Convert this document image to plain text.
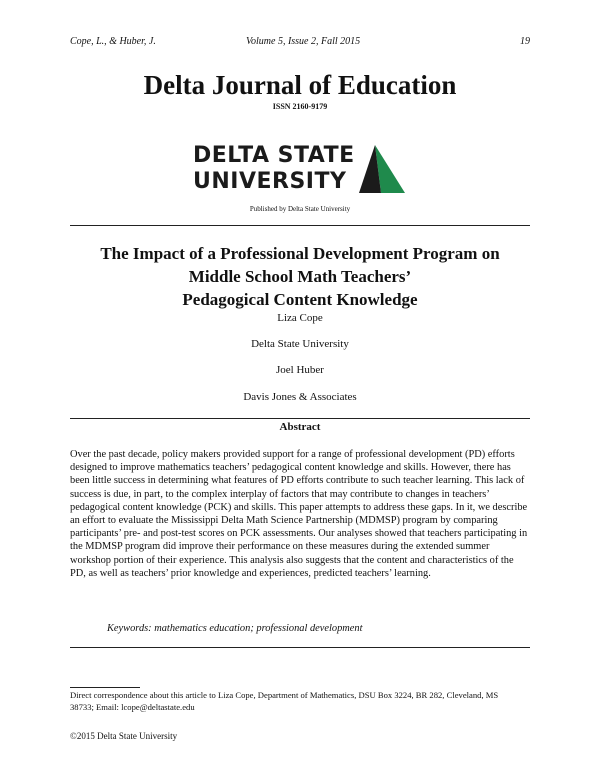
Cope, L., & Huber, J.	Volume 5, Issue 2, Fall 2015	19
Delta Journal of Education
ISSN 2160-9179
DELTA STATE
UNIVERSITY
Published by Delta State University
The Impact of a Professional Development Program on
Middle School Math Teachers’
Pedagogical Content Knowledge
Liza Cope
Delta State University
Joel Huber
Davis Jones & Associates
Abstract

Over the past decade, policy makers provided support for a range of professional development (PD) efforts designed to improve mathematics teachers’ pedagogical content knowledge and skills. However, there has been little success in determining what features of PD efforts contribute to such teacher learning. This lack of success is due, in part, to the complex interplay of factors that may contribute to changes in teachers’ pedagogical content knowledge (PCK) and skills. This paper attempts to address these gaps. In it, we describe an effort to evaluate the Mississippi Delta Math Science Partnership (MDMSP) program by comparing participants’ pre- and post-test scores on PCK assessments. Our analyses showed that teachers participating in the MDMSP program did improve their performance on these measures during the extended summer workshop portion of their experience. This analysis also suggests that the content and characteristics of the PD, as well as teachers’ prior knowledge and experiences, predicted teachers’ learning.

Keywords: mathematics education; professional development

Direct correspondence about this article to Liza Cope, Department of Mathematics, DSU Box 3224, BR 282, Cleveland, MS 38733; Email: lcope@deltastate.edu

©2015 Delta State University
